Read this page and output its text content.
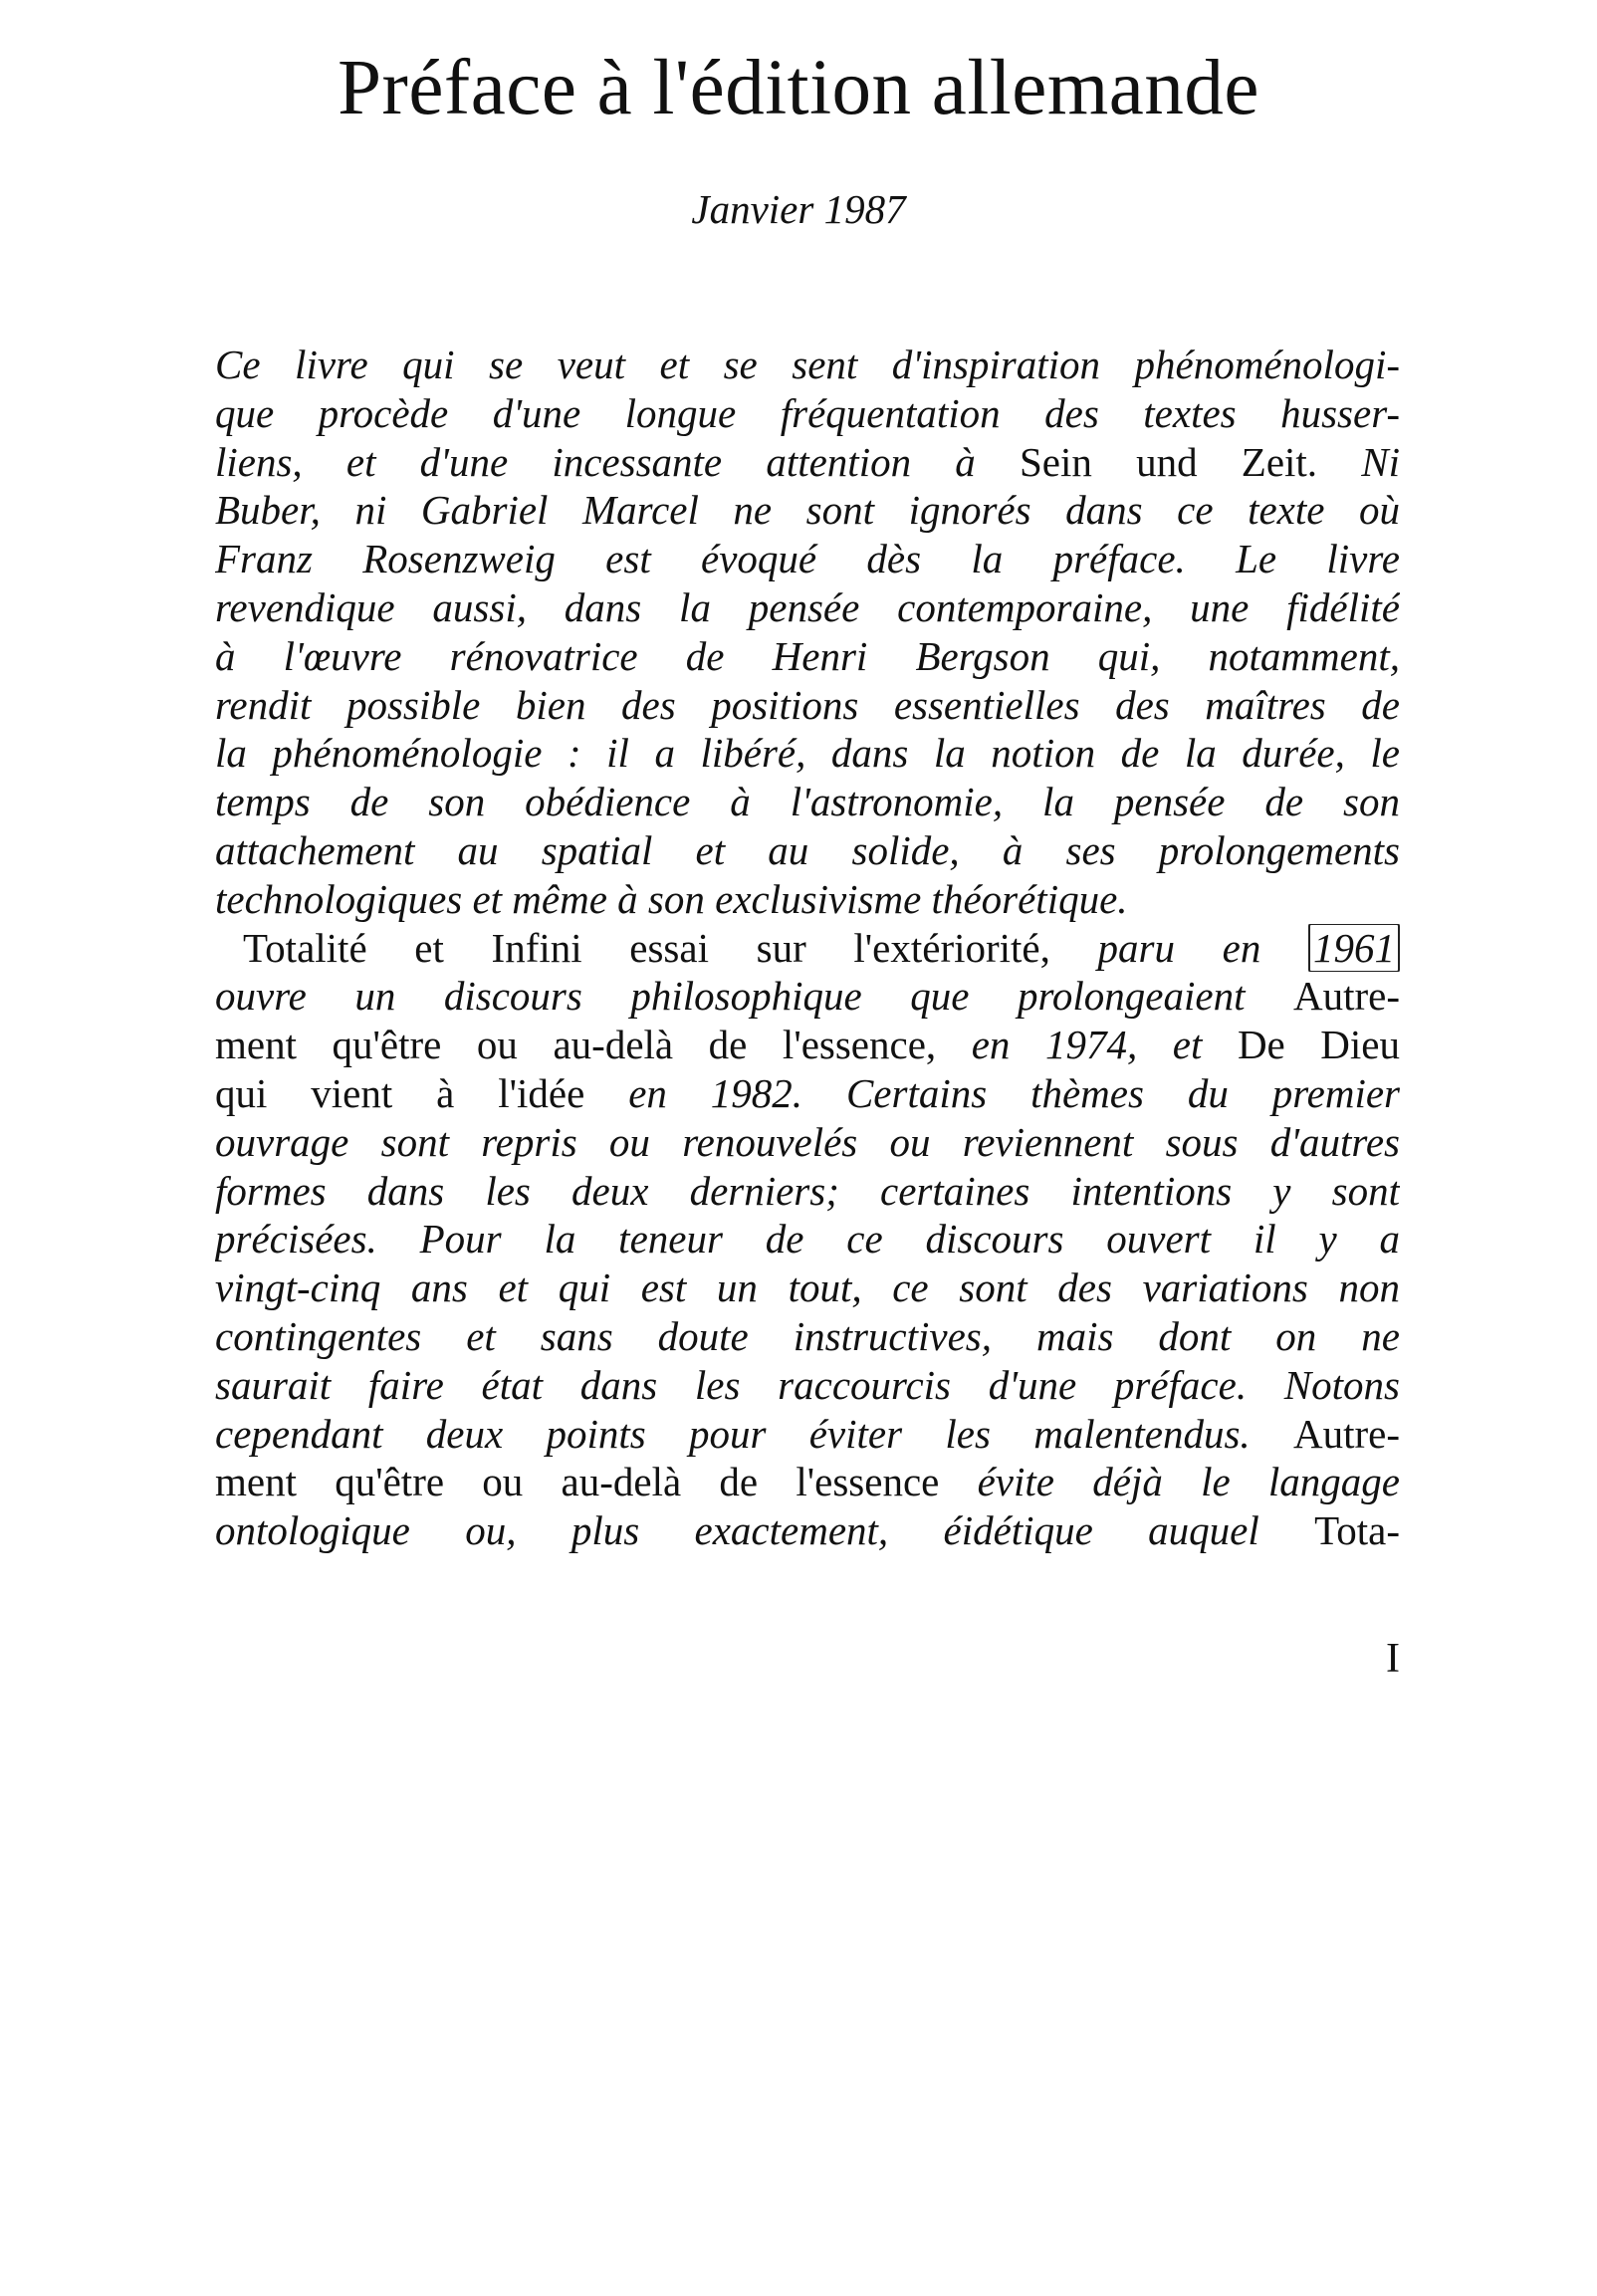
Préface à l'édition allemande
Janvier 1987
Ce livre qui se veut et se sent d'inspiration phénoménologi-
que procède d'une longue fréquentation des textes husser-
liens, et d'une incessante attention à Sein und Zeit. Ni
Buber, ni Gabriel Marcel ne sont ignorés dans ce texte où
Franz Rosenzweig est évoqué dès la préface. Le livre
revendique aussi, dans la pensée contemporaine, une fidélité
à l'œuvre rénovatrice de Henri Bergson qui, notamment,
rendit possible bien des positions essentielles des maîtres de
la phénoménologie : il a libéré, dans la notion de la durée, le
temps de son obédience à l'astronomie, la pensée de son
attachement au spatial et au solide, à ses prolongements
technologiques et même à son exclusivisme théorétique.
Totalité et Infini essai sur l'extériorité, paru en 1961
ouvre un discours philosophique que prolongeaient Autre-
ment qu'être ou au-delà de l'essence, en 1974, et De Dieu
qui vient à l'idée en 1982. Certains thèmes du premier
ouvrage sont repris ou renouvelés ou reviennent sous d'autres
formes dans les deux derniers; certaines intentions y sont
précisées. Pour la teneur de ce discours ouvert il y a
vingt-cinq ans et qui est un tout, ce sont des variations non
contingentes et sans doute instructives, mais dont on ne
saurait faire état dans les raccourcis d'une préface. Notons
cependant deux points pour éviter les malentendus. Autre-
ment qu'être ou au-delà de l'essence évite déjà le langage
ontologique ou, plus exactement, éidétique auquel Tota-
I
